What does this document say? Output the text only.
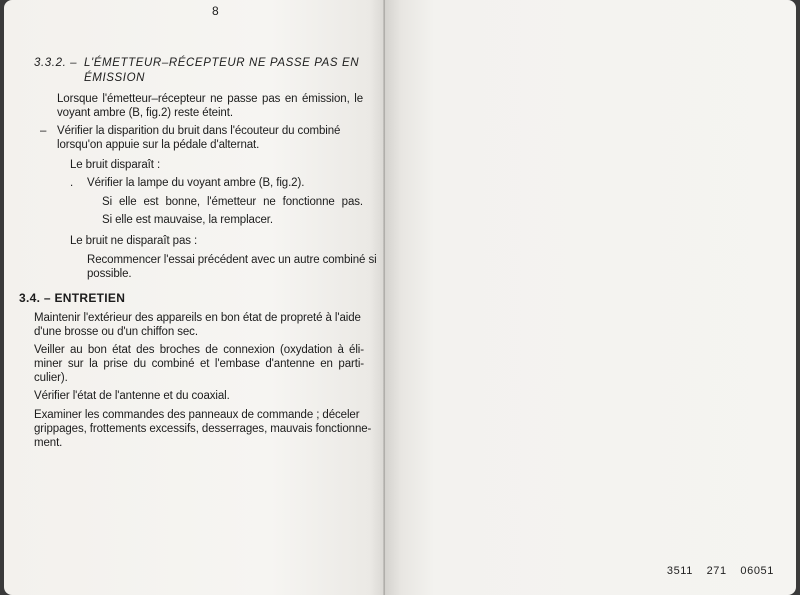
8
3.3.2. – L'ÉMETTEUR–RÉCEPTEUR NE PASSE PAS EN
ÉMISSION
Lorsque l'émetteur–récepteur ne passe pas en émission, le
voyant ambre (B, fig.2) reste éteint.
– Vérifier la disparition du bruit dans l'écouteur du combiné
lorsqu'on appuie sur la pédale d'alternat.
Le bruit disparaît :
. Vérifier la lampe du voyant ambre (B, fig.2).
Si elle est bonne, l'émetteur ne fonctionne pas.
Si elle est mauvaise, la remplacer.
Le bruit ne disparaît pas :
Recommencer l'essai précédent avec un autre combiné si
possible.
3.4. – ENTRETIEN
Maintenir l'extérieur des appareils en bon état de propreté à l'aide
d'une brosse ou d'un chiffon sec.
Veiller au bon état des broches de connexion (oxydation à éli-
miner sur la prise du combiné et l'embase d'antenne en parti-
culier).
Vérifier l'état de l'antenne et du coaxial.
Examiner les commandes des panneaux de commande ; déceler
grippages, frottements excessifs, desserrages, mauvais fonctionne-
ment.
3511 271 06051
